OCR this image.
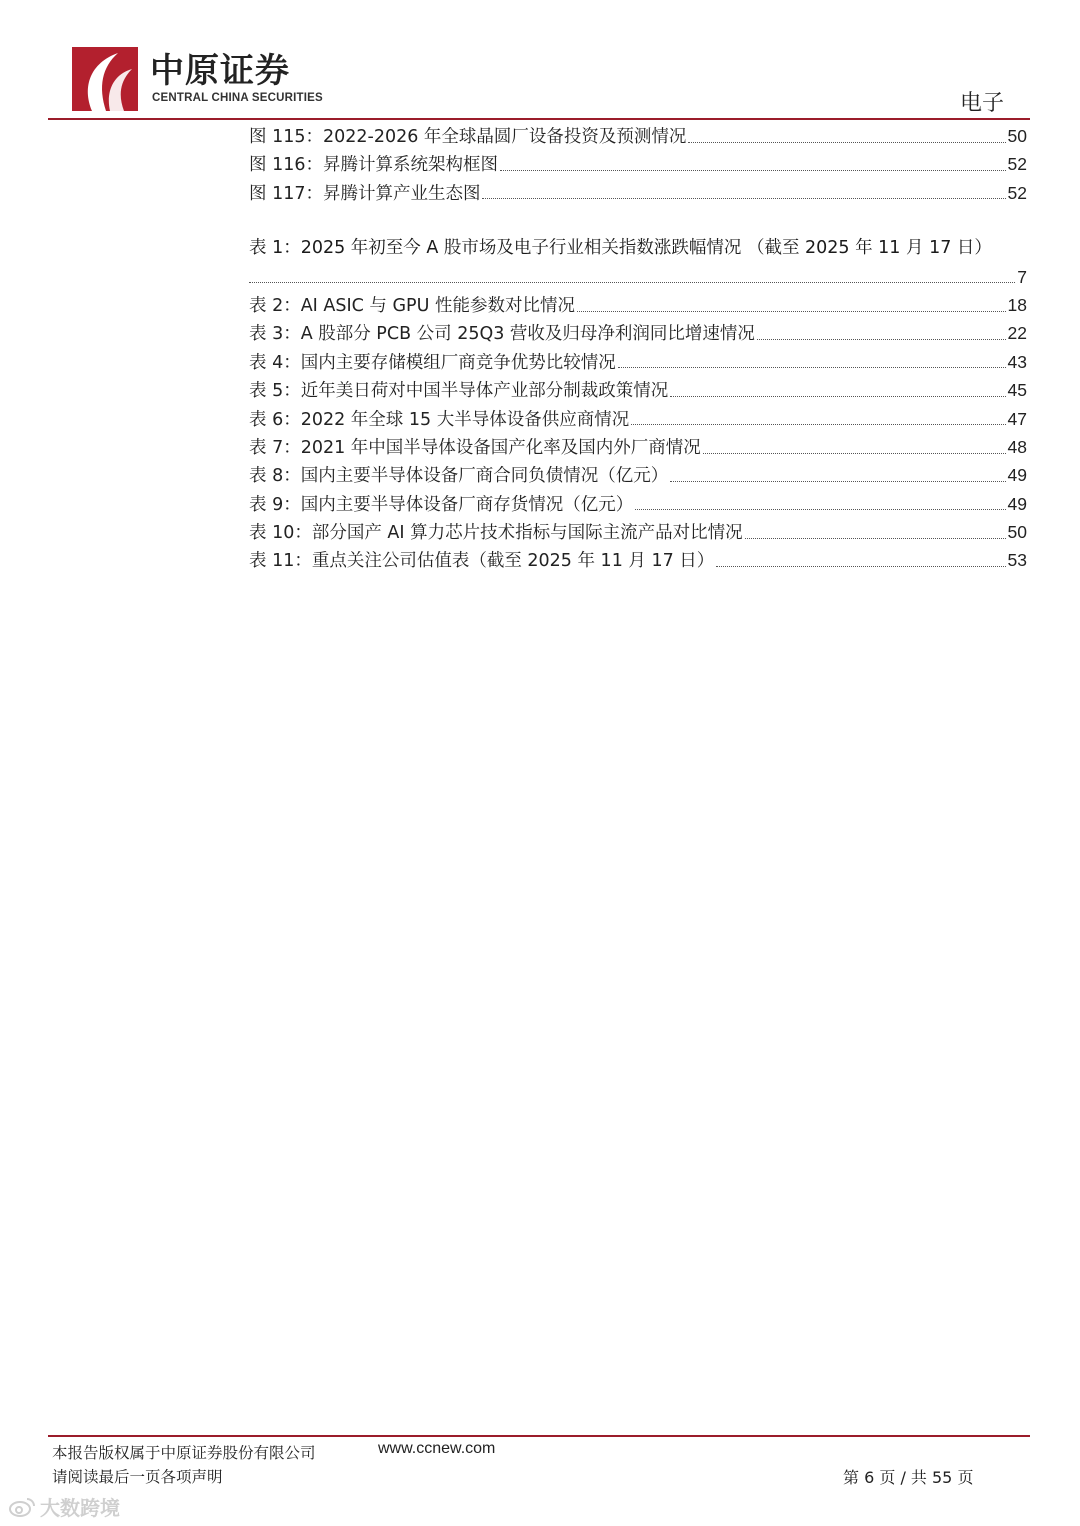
中原证券
CENTRAL CHINA SECURITIES	电子
图 115：2022-2026 年全球晶圆厂设备投资及预测情况	50
图 116：昇腾计算系统架构框图	52
图 117：昇腾计算产业生态图	52
表 1：2025 年初至今 A 股市场及电子行业相关指数涨跌幅情况 （截至 2025 年 11 月 17 日）
7
表 2：AI ASIC 与 GPU 性能参数对比情况	18
表 3：A 股部分 PCB 公司 25Q3 营收及归母净利润同比增速情况	22
表 4：国内主要存储模组厂商竞争优势比较情况	43
表 5：近年美日荷对中国半导体产业部分制裁政策情况	45
表 6：2022 年全球 15 大半导体设备供应商情况	47
表 7：2021 年中国半导体设备国产化率及国内外厂商情况	48
表 8：国内主要半导体设备厂商合同负债情况（亿元）	49
表 9：国内主要半导体设备厂商存货情况（亿元）	49
表 10：部分国产 AI 算力芯片技术指标与国际主流产品对比情况	50
表 11：重点关注公司估值表（截至 2025 年 11 月 17 日）	53
本报告版权属于中原证券股份有限公司	www.ccnew.com
请阅读最后一页各项声明	第 6 页 / 共 55 页
大数跨境
